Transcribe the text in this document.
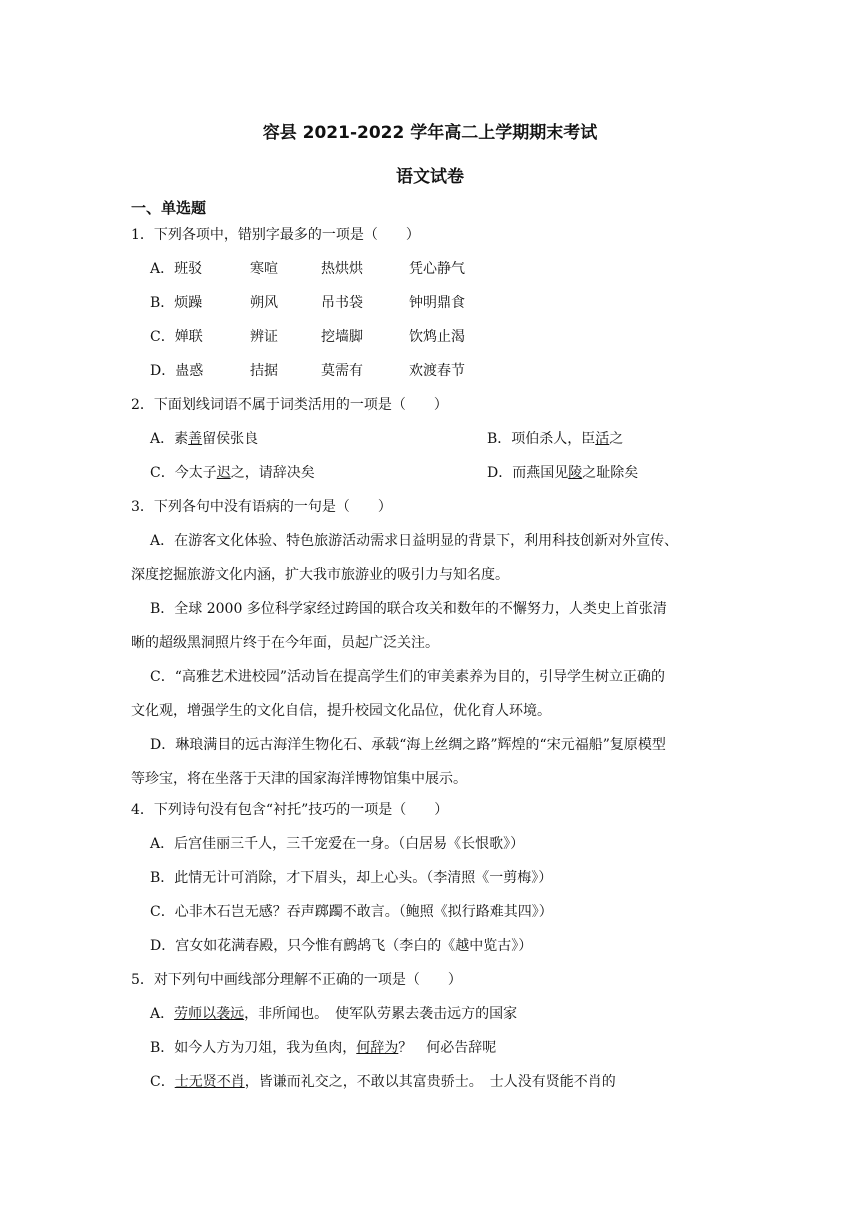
容县 2021-2022 学年高二上学期期末考试
语文试卷
一、单选题
1．下列各项中，错别字最多的一项是（　　）
A．班驳	寒喧	热烘烘	凭心静气
B．烦躁	朔风	吊书袋	钟明鼎食
C．婵联	辨证	挖墙脚	饮鸩止渴
D．蛊惑	拮据	莫需有	欢渡春节
2．下面划线词语不属于词类活用的一项是（　　）
A．素善留侯张良	B．项伯杀人，臣活之
C．今太子迟之，请辞决矣	D．而燕国见陵之耻除矣
3．下列各句中没有语病的一句是（　　）
A．在游客文化体验、特色旅游活动需求日益明显的背景下，利用科技创新对外宣传、
深度挖掘旅游文化内涵，扩大我市旅游业的吸引力与知名度。
B．全球 2000 多位科学家经过跨国的联合攻关和数年的不懈努力，人类史上首张清
晰的超级黑洞照片终于在今年面，员起广泛关注。
C．“高雅艺术进校园”活动旨在提高学生们的审美素养为目的，引导学生树立正确的
文化观，增强学生的文化自信，提升校园文化品位，优化育人环境。
D．琳琅满目的远古海洋生物化石、承载“海上丝绸之路”辉煌的“宋元福船”复原模型
等珍宝，将在坐落于天津的国家海洋博物馆集中展示。
4．下列诗句没有包含“衬托”技巧的一项是（　　）
A．后宫佳丽三千人，三千宠爱在一身。（白居易《长恨歌》）
B．此情无计可消除，才下眉头，却上心头。（李清照《一剪梅》）
C．心非木石岂无感？吞声踯躅不敢言。（鲍照《拟行路难其四》）
D．宫女如花满春殿，只今惟有鹧鸪飞（李白的《越中览古》）
5．对下列句中画线部分理解不正确的一项是（　　）
A．劳师以袭远，非所闻也。　使军队劳累去袭击远方的国家
B．如今人方为刀俎，我为鱼肉，何辞为？　何必告辞呢
C．士无贤不肖，皆谦而礼交之，不敢以其富贵骄士。　士人没有贤能不肖的
